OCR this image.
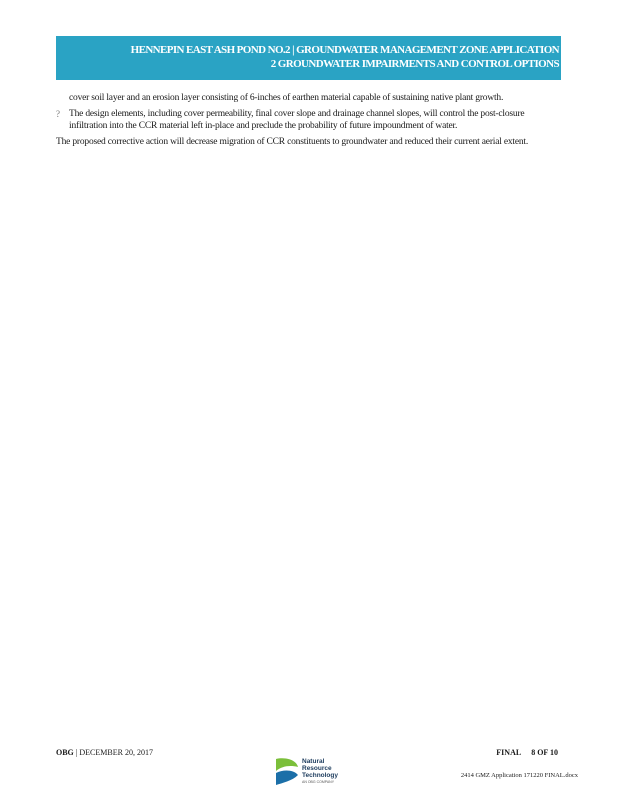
HENNEPIN EAST ASH POND NO.2 | GROUNDWATER MANAGEMENT ZONE APPLICATION
2 GROUNDWATER IMPAIRMENTS AND CONTROL OPTIONS

cover soil layer and an erosion layer consisting of 6-inches of earthen material capable of sustaining native plant growth.

? The design elements, including cover permeability, final cover slope and drainage channel slopes, will control the post-closure infiltration into the CCR material left in-place and preclude the probability of future impoundment of water.

The proposed corrective action will decrease migration of CCR constituents to groundwater and reduced their current aerial extent.

OBG | DECEMBER 20, 2017
Natural
Resource
Technology
AN OBG COMPANY
FINAL 8 OF 10
2414 GMZ Application 171220 FINAL.docx
